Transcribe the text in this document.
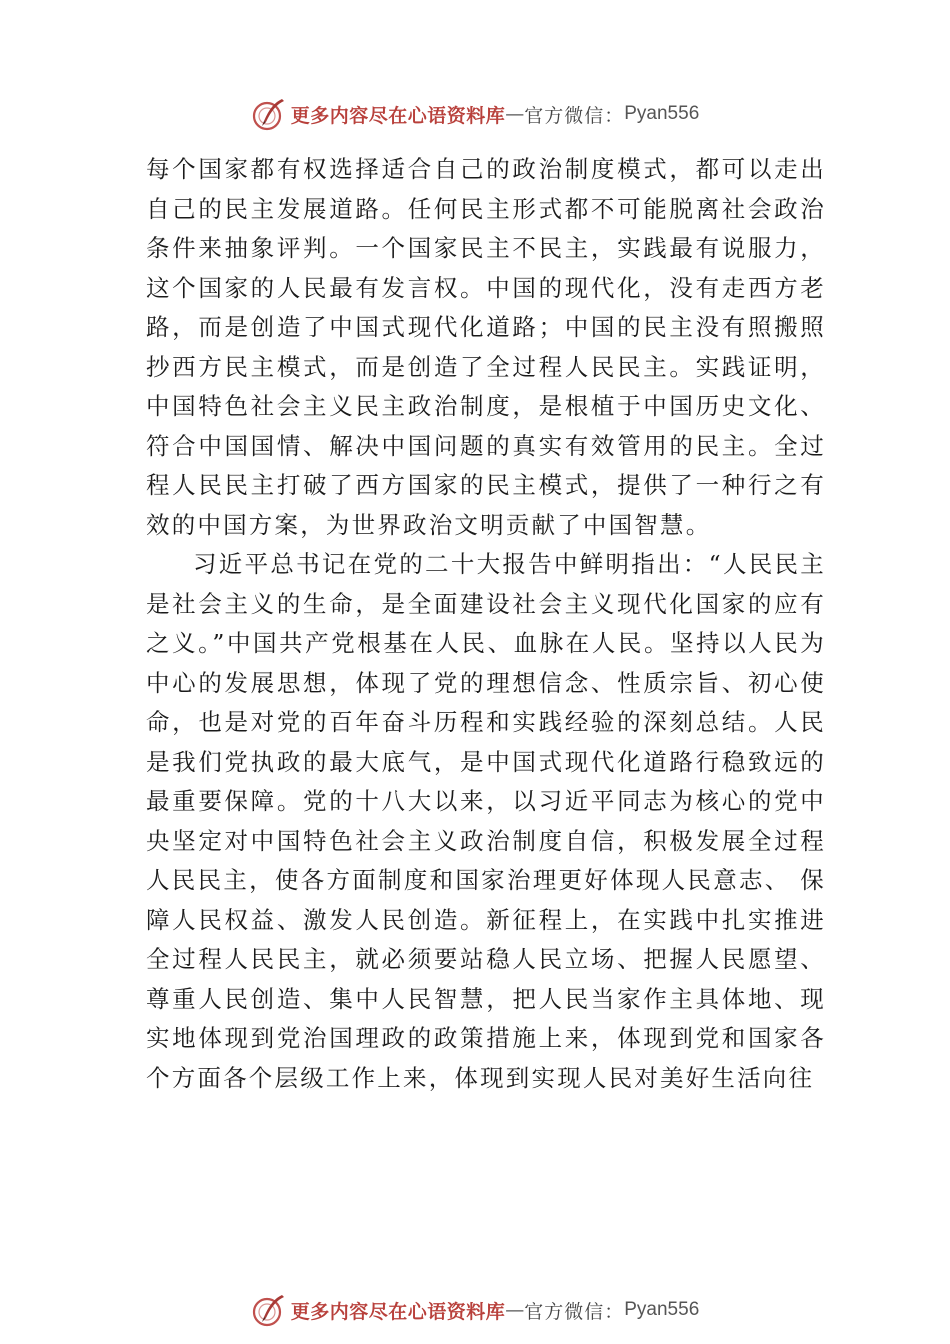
更多内容尽在心语资料库 — 官方微信： Pyan556

每个国家都有权选择适合自己的政治制度模式，都可以走出自己的民主发展道路。任何民主形式都不可能脱离社会政治条件来抽象评判。一个国家民主不民主，实践最有说服力， 这个国家的人民最有发言权。中国的现代化，没有走西方老路，而是创造了中国式现代化道路；中国的民主没有照搬照抄西方民主模式，而是创造了全过程人民民主。实践证明， 中国特色社会主义民主政治制度，是根植于中国历史文化、 符合中国国情、解决中国问题的真实有效管用的民主。全过程人民民主打破了西方国家的民主模式，提供了一种行之有效的中国方案，为世界政治文明贡献了中国智慧。

习近平总书记在党的二十大报告中鲜明指出：“人民民主是社会主义的生命，是全面建设社会主义现代化国家的应有之义。”中国共产党根基在人民、血脉在人民。坚持以人民为中心的发展思想，体现了党的理想信念、性质宗旨、初心使命，也是对党的百年奋斗历程和实践经验的深刻总结。人民是我们党执政的最大底气，是中国式现代化道路行稳致远的最重要保障。党的十八大以来，以习近平同志为核心的党中央坚定对中国特色社会主义政治制度自信，积极发展全过程人民民主，使各方面制度和国家治理更好体现人民意志、 保障人民权益、激发人民创造。新征程上，在实践中扎实推进全过程人民民主，就必须要站稳人民立场、把握人民愿望、尊重人民创造、集中人民智慧，把人民当家作主具体地、现实地体现到党治国理政的政策措施上来，体现到党和国家各个方面各个层级工作上来，体现到实现人民对美好生活向往

更多内容尽在心语资料库 — 官方微信： Pyan556
